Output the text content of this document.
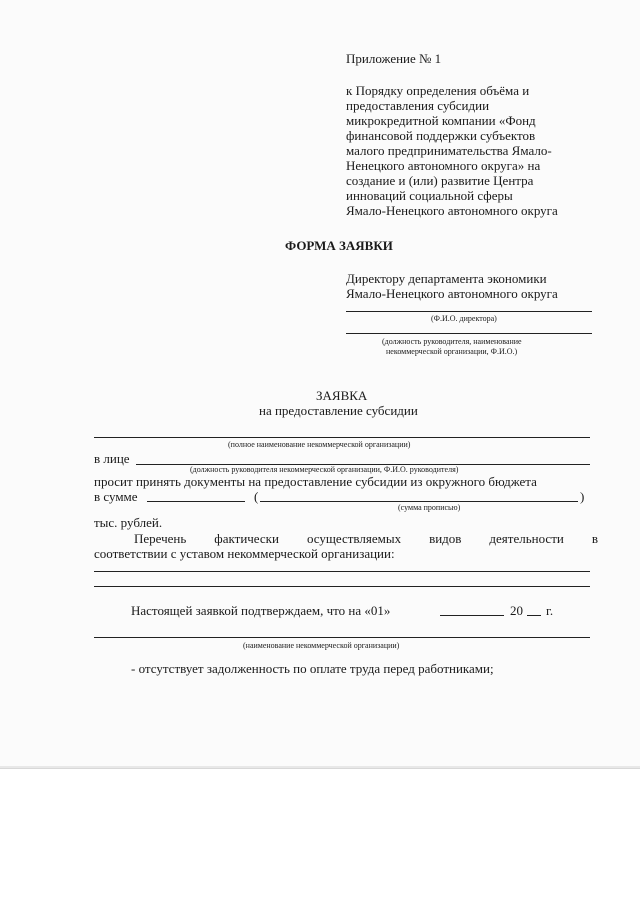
Приложение № 1
к Порядку определения объёма и
предоставления субсидии
микрокредитной компании «Фонд
финансовой поддержки субъектов
малого предпринимательства Ямало-
Ненецкого автономного округа» на
создание и (или) развитие Центра
инноваций социальной сферы
Ямало-Ненецкого автономного округа
ФОРМА ЗАЯВКИ
Директору департамента экономики
Ямало-Ненецкого автономного округа
(Ф.И.О. директора)
(должность руководителя, наименование
некоммерческой организации, Ф.И.О.)
ЗАЯВКА
на предоставление субсидии
(полное наименование некоммерческой организации)
в лице
(должность руководителя некоммерческой организации, Ф.И.О. руководителя)
просит принять документы на предоставление субсидии из окружного бюджета
в сумме	(	)
(сумма прописью)
тыс. рублей.
Перечень фактически осуществляемых видов деятельности в
соответствии с уставом некоммерческой организации:
Настоящей заявкой подтверждаем, что на «01»	20 г.
(наименование некоммерческой организации)
- отсутствует задолженность по оплате труда перед работниками;
